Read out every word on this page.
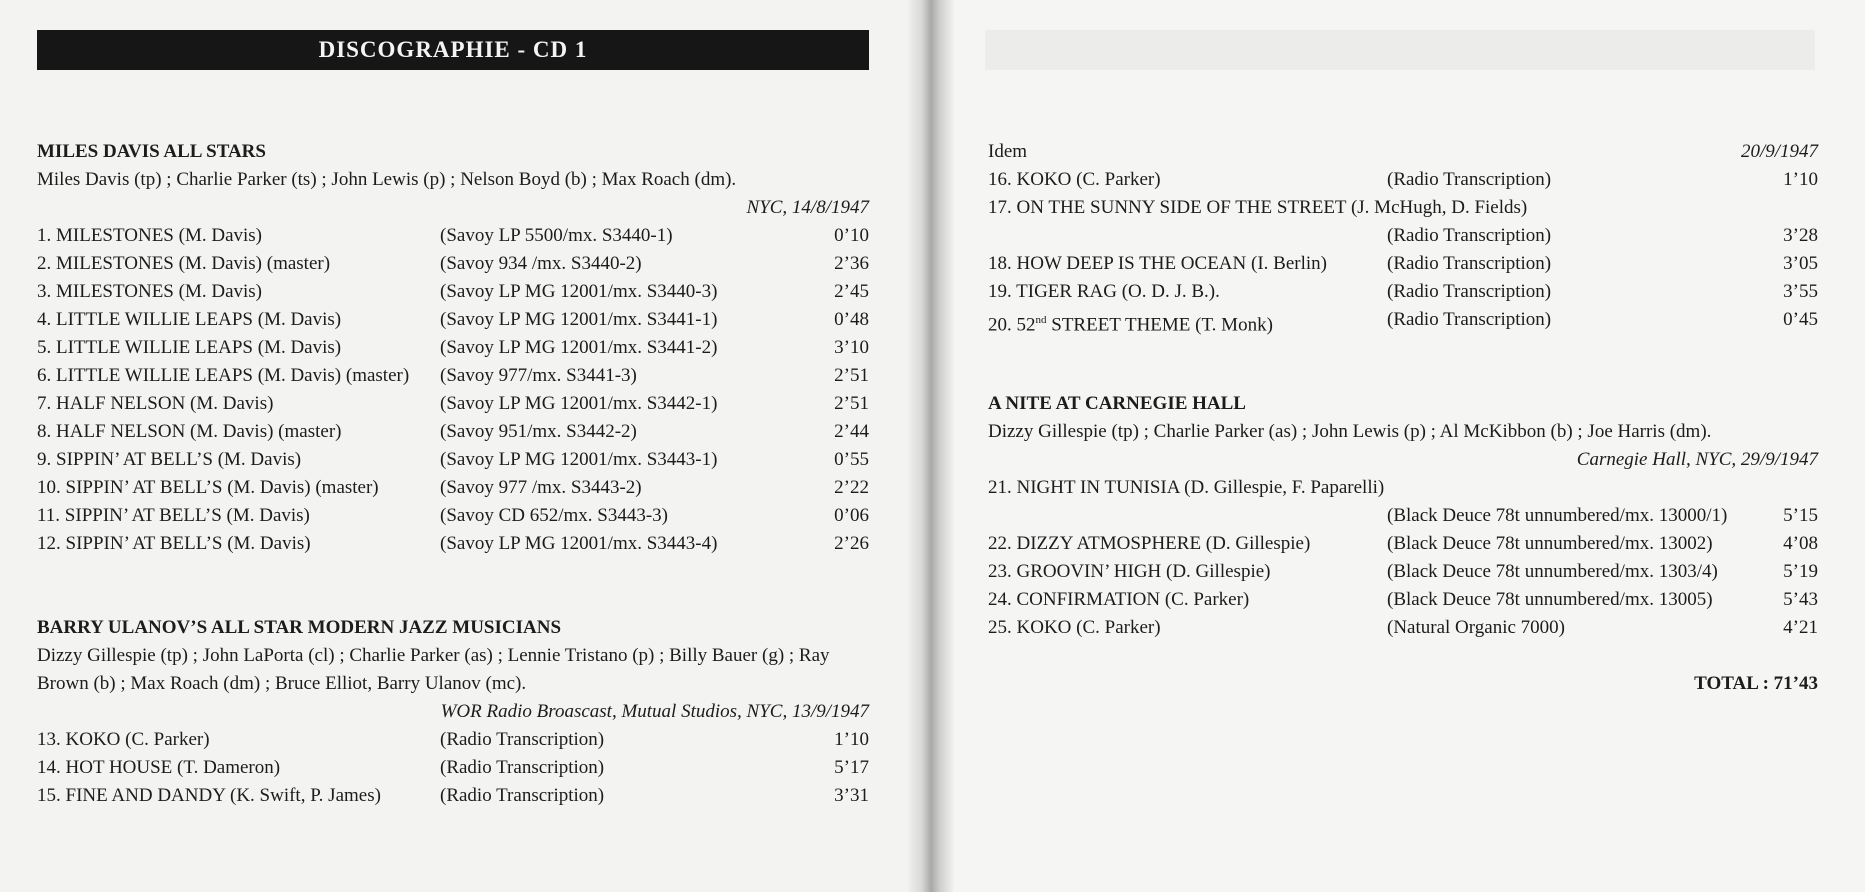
DISCOGRAPHIE - CD 1
MILES DAVIS ALL STARS
Miles Davis (tp) ; Charlie Parker (ts) ; John Lewis (p) ; Nelson Boyd (b) ; Max Roach (dm).
NYC, 14/8/1947
1. MILESTONES (M. Davis)	(Savoy LP 5500/mx. S3440-1)	0’10
2. MILESTONES (M. Davis) (master)	(Savoy 934 /mx. S3440-2)	2’36
3. MILESTONES (M. Davis)	(Savoy LP MG 12001/mx. S3440-3)	2’45
4. LITTLE WILLIE LEAPS (M. Davis)	(Savoy LP MG 12001/mx. S3441-1)	0’48
5. LITTLE WILLIE LEAPS (M. Davis)	(Savoy LP MG 12001/mx. S3441-2)	3’10
6. LITTLE WILLIE LEAPS (M. Davis) (master) (Savoy 977/mx. S3441-3)	2’51
7. HALF NELSON (M. Davis)	(Savoy LP MG 12001/mx. S3442-1)	2’51
8. HALF NELSON (M. Davis) (master)	(Savoy 951/mx. S3442-2)	2’44
9. SIPPIN’ AT BELL’S (M. Davis)	(Savoy LP MG 12001/mx. S3443-1)	0’55
10. SIPPIN’ AT BELL’S (M. Davis) (master)	(Savoy 977 /mx. S3443-2)	2’22
11. SIPPIN’ AT BELL’S (M. Davis)	(Savoy CD 652/mx. S3443-3)	0’06
12. SIPPIN’ AT BELL’S (M. Davis)	(Savoy LP MG 12001/mx. S3443-4)	2’26
BARRY ULANOV’S ALL STAR MODERN JAZZ MUSICIANS
Dizzy Gillespie (tp) ; John LaPorta (cl) ; Charlie Parker (as) ; Lennie Tristano (p) ; Billy Bauer (g) ; Ray Brown (b) ; Max Roach (dm) ; Bruce Elliot, Barry Ulanov (mc).
WOR Radio Broascast, Mutual Studios, NYC, 13/9/1947
13. KOKO (C. Parker)	(Radio Transcription)	1’10
14. HOT HOUSE (T. Dameron)	(Radio Transcription)	5’17
15. FINE AND DANDY (K. Swift, P. James)	(Radio Transcription)	3’31
Idem	20/9/1947
16. KOKO (C. Parker)	(Radio Transcription)	1’10
17. ON THE SUNNY SIDE OF THE STREET (J. McHugh, D. Fields)
(Radio Transcription)	3’28
18. HOW DEEP IS THE OCEAN (I. Berlin)	(Radio Transcription)	3’05
19. TIGER RAG (O. D. J. B.).	(Radio Transcription)	3’55
20. 52nd STREET THEME (T. Monk)	(Radio Transcription)	0’45
A NITE AT CARNEGIE HALL
Dizzy Gillespie (tp) ; Charlie Parker (as) ; John Lewis (p) ; Al McKibbon (b) ; Joe Harris (dm).
Carnegie Hall, NYC, 29/9/1947
21. NIGHT IN TUNISIA (D. Gillespie, F. Paparelli)
(Black Deuce 78t unnumbered/mx. 13000/1)	5’15
22. DIZZY ATMOSPHERE (D. Gillespie)	(Black Deuce 78t unnumbered/mx. 13002)	4’08
23. GROOVIN’ HIGH (D. Gillespie)	(Black Deuce 78t unnumbered/mx. 1303/4)	5’19
24. CONFIRMATION (C. Parker)	(Black Deuce 78t unnumbered/mx. 13005)	5’43
25. KOKO (C. Parker)	(Natural Organic 7000)	4’21
TOTAL : 71’43
